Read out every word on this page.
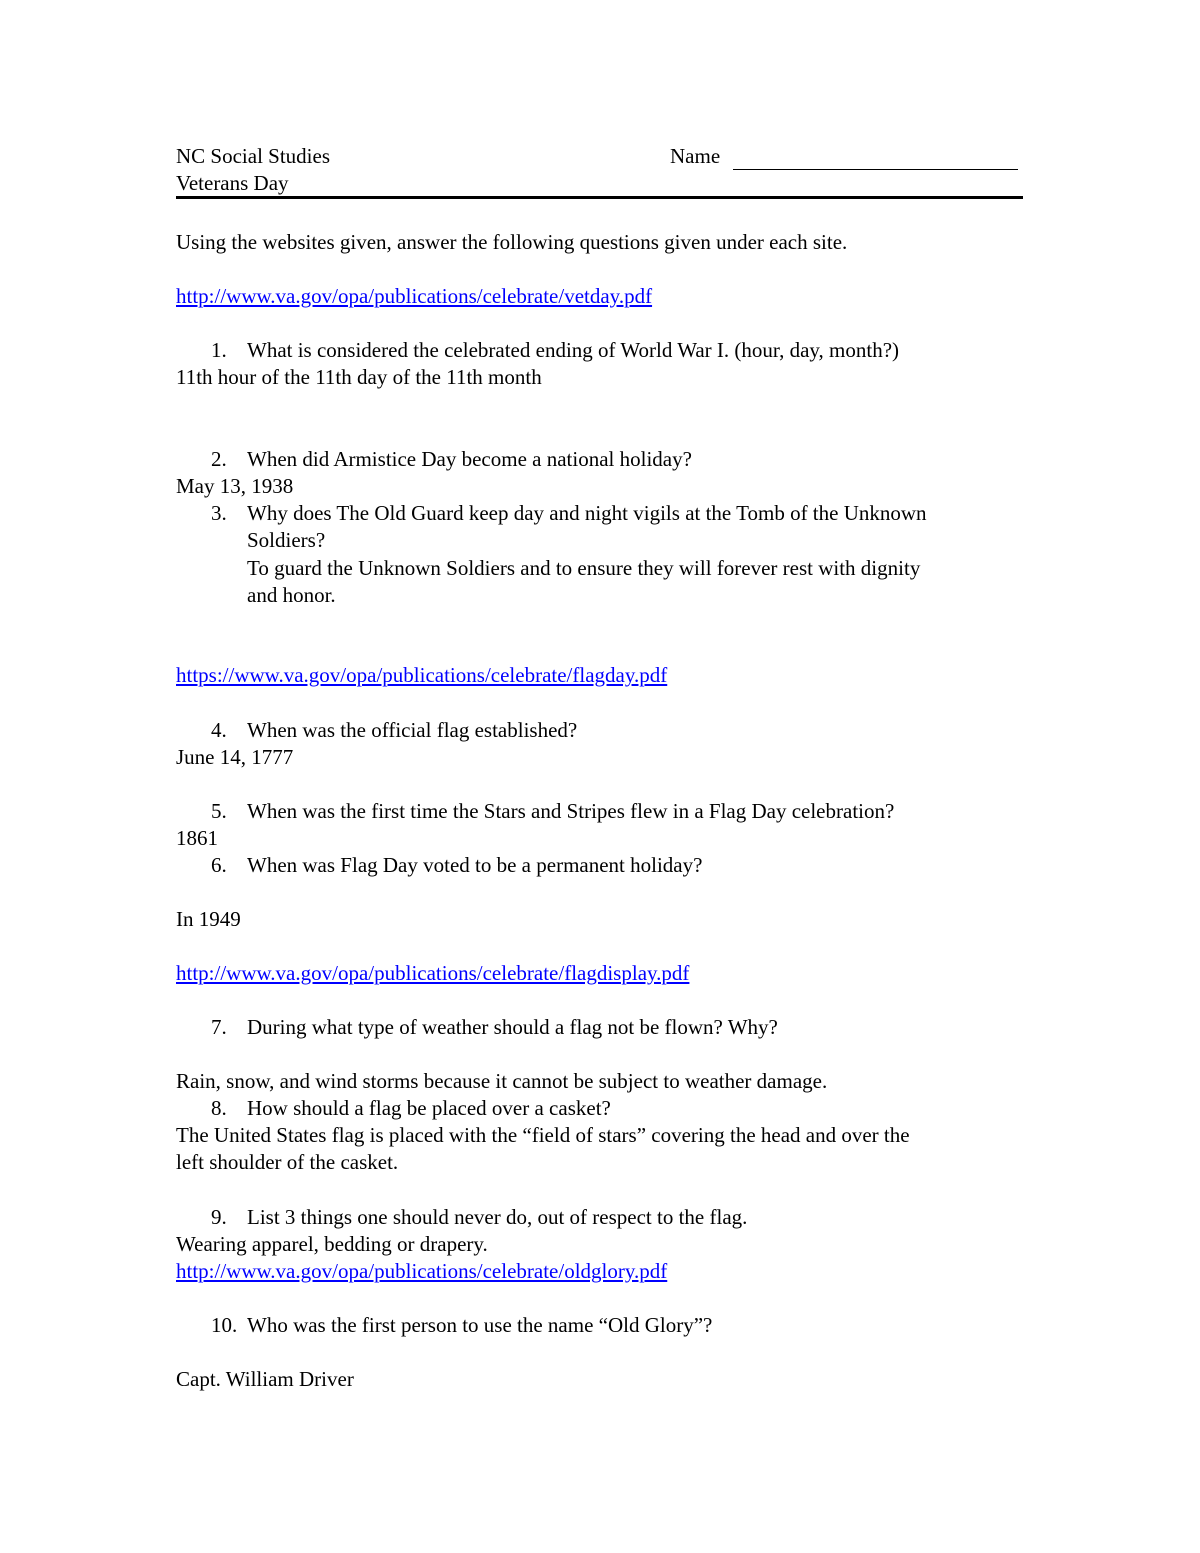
NC Social Studies	Name
Veterans Day
Using the websites given, answer the following questions given under each site.
http://www.va.gov/opa/publications/celebrate/vetday.pdf
1. What is considered the celebrated ending of World War I. (hour, day, month?)
11th hour of the 11th day of the 11th month
2. When did Armistice Day become a national holiday?
May 13, 1938
3. Why does The Old Guard keep day and night vigils at the Tomb of the Unknown
Soldiers?
To guard the Unknown Soldiers and to ensure they will forever rest with dignity
and honor.
https://www.va.gov/opa/publications/celebrate/flagday.pdf
4. When was the official flag established?
June 14, 1777
5. When was the first time the Stars and Stripes flew in a Flag Day celebration?
1861
6. When was Flag Day voted to be a permanent holiday?
In 1949
http://www.va.gov/opa/publications/celebrate/flagdisplay.pdf
7. During what type of weather should a flag not be flown? Why?
Rain, snow, and wind storms because it cannot be subject to weather damage.
8. How should a flag be placed over a casket?
The United States flag is placed with the “field of stars” covering the head and over the
left shoulder of the casket.
9. List 3 things one should never do, out of respect to the flag.
Wearing apparel, bedding or drapery.
http://www.va.gov/opa/publications/celebrate/oldglory.pdf
10. Who was the first person to use the name “Old Glory”?
Capt. William Driver
